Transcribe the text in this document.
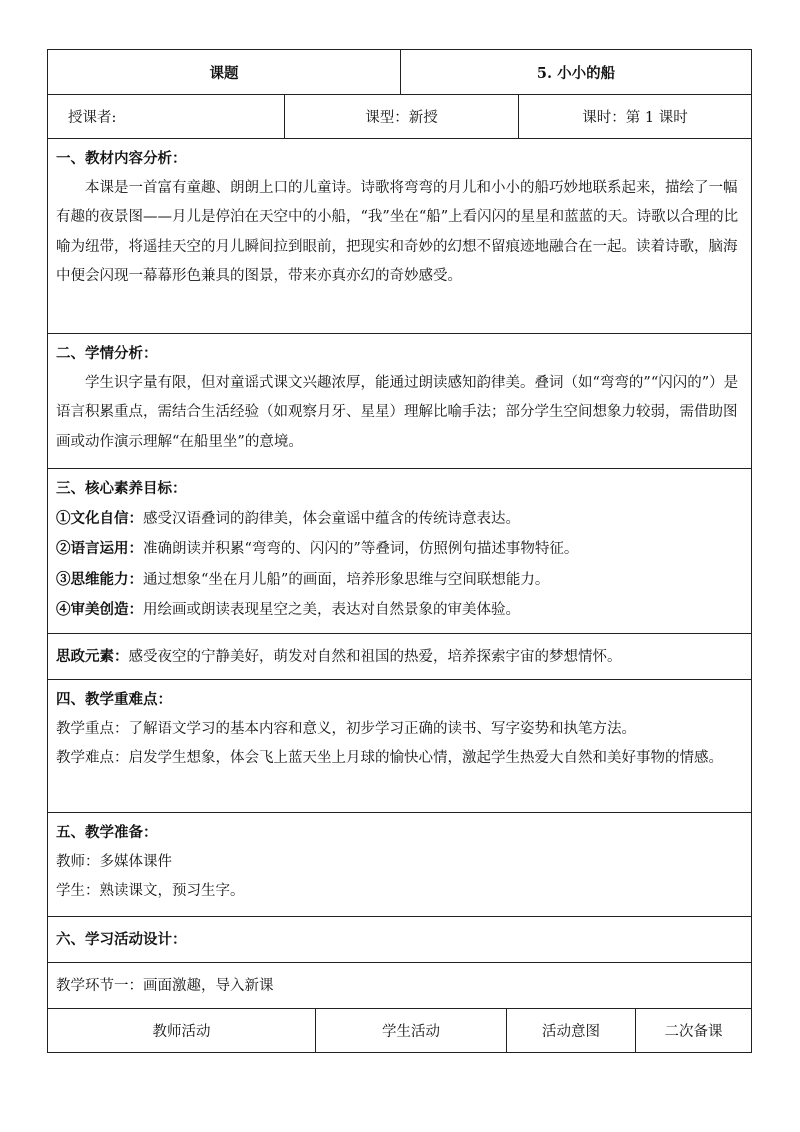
课题	5. 小小的船
授课者:	课型：新授	课时：第 1 课时

一、教材内容分析：

本课是一首富有童趣、朗朗上口的儿童诗。诗歌将弯弯的月儿和小小的船巧妙地联系起来，描绘了一幅有趣的夜景图——月儿是停泊在天空中的小船，“我”坐在“船”上看闪闪的星星和蓝蓝的天。诗歌以合理的比喻为纽带，将遥挂天空的月儿瞬间拉到眼前，把现实和奇妙的幻想不留痕迹地融合在一起。读着诗歌，脑海中便会闪现一幕幕形色兼具的图景，带来亦真亦幻的奇妙感受。

二、学情分析：

学生识字量有限，但对童谣式课文兴趣浓厚，能通过朗读感知韵律美。叠词（如“弯弯的”“闪闪的”）是语言积累重点，需结合生活经验（如观察月牙、星星）理解比喻手法；部分学生空间想象力较弱，需借助图画或动作演示理解“在船里坐”的意境。

三、核心素养目标：

①文化自信：感受汉语叠词的韵律美，体会童谣中蕴含的传统诗意表达。

②语言运用：准确朗读并积累“弯弯的、闪闪的”等叠词，仿照例句描述事物特征。

③思维能力：通过想象“坐在月儿船”的画面，培养形象思维与空间联想能力。

④审美创造：用绘画或朗读表现星空之美，表达对自然景象的审美体验。

思政元素：感受夜空的宁静美好，萌发对自然和祖国的热爱，培养探索宇宙的梦想情怀。

四、教学重难点：

教学重点：了解语文学习的基本内容和意义，初步学习正确的读书、写字姿势和执笔方法。

教学难点：启发学生想象，体会飞上蓝天坐上月球的愉快心情，激起学生热爱大自然和美好事物的情感。

五、教学准备：

教师：多媒体课件

学生：熟读课文，预习生字。

六、学习活动设计：

教学环节一：画面激趣，导入新课

教师活动	学生活动	活动意图	二次备课
